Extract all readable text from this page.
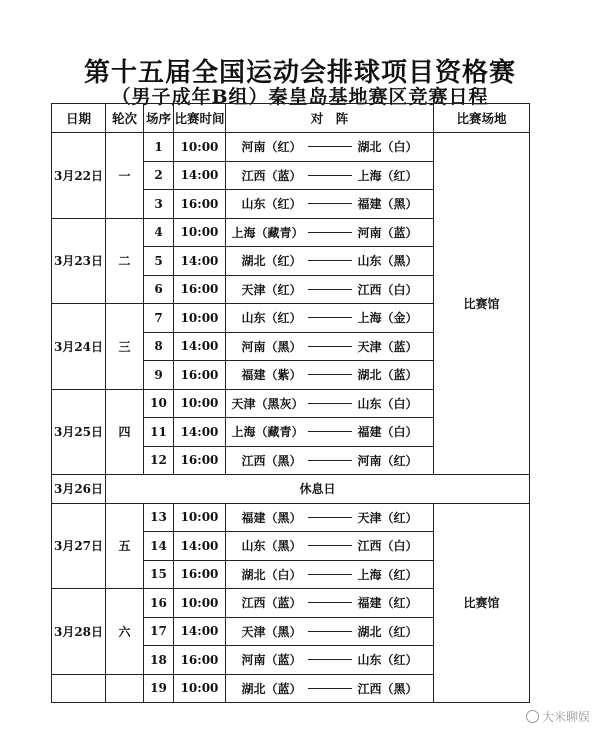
第十五届全国运动会排球项目资格赛
（男子成年B组）秦皇岛基地赛区竞赛日程
日期	轮次	场序	比赛时间	对　阵	比赛场地
3月22日	一	1	10:00	河南（红） 湖北（白）	比赛馆
		2	14:00	江西（蓝） 上海（红）	

		3	16:00	山东（红） 福建（黑）	

3月23日	二	4	10:00	上海（藏青） 河南（蓝）	

		5	14:00	湖北（红） 山东（黑）	

		6	16:00	天津（红） 江西（白）	

3月24日	三	7	10:00	山东（红） 上海（金）	

		8	14:00	河南（黑） 天津（蓝）	

		9	16:00	福建（紫） 湖北（蓝）	

3月25日	四	10	10:00	天津（黑灰） 山东（白）	

		11	14:00	上海（藏青） 福建（白）	

		12	16:00	江西（黑） 河南（红）	

3月26日	休息日				
3月27日	五	13	10:00	福建（黑） 天津（红）	比赛馆
		14	14:00	山东（黑） 江西（白）	

		15	16:00	湖北（白） 上海（红）	

3月28日	六	16	10:00	江西（蓝） 福建（红）	

		17	14:00	天津（黑） 湖北（红）	

		18	16:00	河南（蓝） 山东（红）	

		19	10:00	湖北（蓝） 江西（黑）	
大米聊娱
